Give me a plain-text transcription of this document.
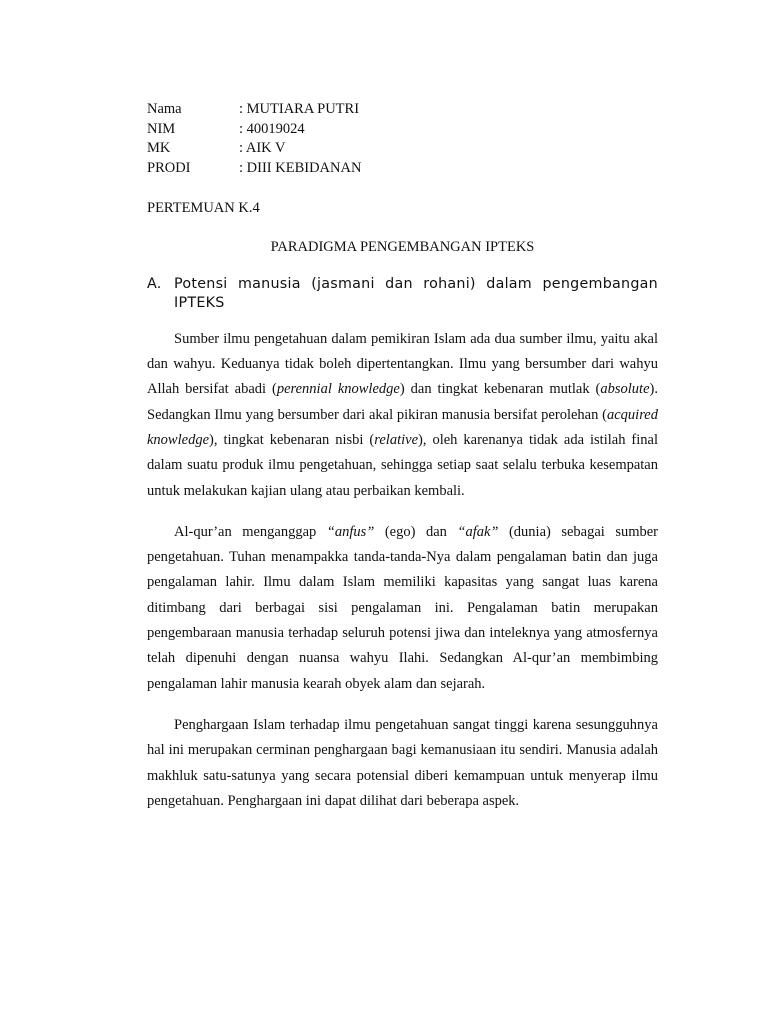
Nama	: MUTIARA PUTRI
NIM	: 40019024
MK	: AIK V
PRODI	: DIII KEBIDANAN
PERTEMUAN K.4
PARADIGMA PENGEMBANGAN IPTEKS
A. Potensi manusia (jasmani dan rohani) dalam pengembangan
IPTEKS

Sumber ilmu pengetahuan dalam pemikiran Islam ada dua sumber ilmu, yaitu akal dan wahyu. Keduanya tidak boleh dipertentangkan. Ilmu yang bersumber dari wahyu Allah bersifat abadi (perennial knowledge) dan tingkat kebenaran mutlak (absolute). Sedangkan Ilmu yang bersumber dari akal pikiran manusia bersifat perolehan (acquired knowledge), tingkat kebenaran nisbi (relative), oleh karenanya tidak ada istilah final dalam suatu produk ilmu pengetahuan, sehingga setiap saat selalu terbuka kesempatan untuk melakukan kajian ulang atau perbaikan kembali.

Al-qur’an menganggap “anfus” (ego) dan “afak” (dunia) sebagai sumber pengetahuan. Tuhan menampakka tanda-tanda-Nya dalam pengalaman batin dan juga pengalaman lahir. Ilmu dalam Islam memiliki kapasitas yang sangat luas karena ditimbang dari berbagai sisi pengalaman ini. Pengalaman batin merupakan pengembaraan manusia terhadap seluruh potensi jiwa dan inteleknya yang atmosfernya telah dipenuhi dengan nuansa wahyu Ilahi. Sedangkan Al-qur’an membimbing pengalaman lahir manusia kearah obyek alam dan sejarah.

Penghargaan Islam terhadap ilmu pengetahuan sangat tinggi karena sesungguhnya hal ini merupakan cerminan penghargaan bagi kemanusiaan itu sendiri. Manusia adalah makhluk satu-satunya yang secara potensial diberi kemampuan untuk menyerap ilmu pengetahuan. Penghargaan ini dapat dilihat dari beberapa aspek.
